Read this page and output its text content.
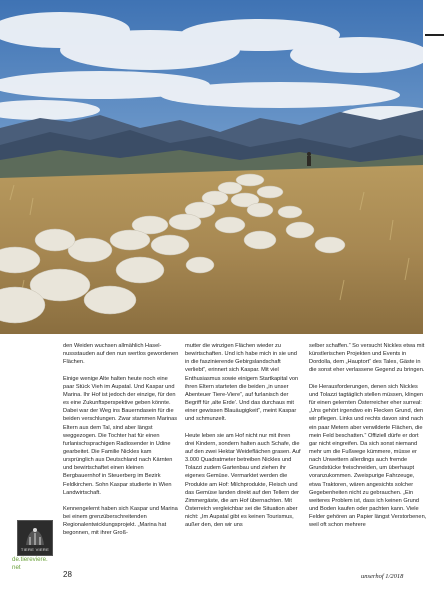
den Weiden wuchsen allmählich Haselnussstauden auf den nun wertlos gewordenen Flächen.

Einige wenige Alte halten heute noch eine paar Stück Vieh im Aupatal. Und Kaspar und Marina. Ihr Hof ist jedoch der einzige, für den es eine Zukunftsperspektive geben könnte. Dabei war der Weg ins Bauerndasein für die beiden verschlungen. Zwar stammen Marinas Eltern aus dem Tal, sind aber längst weggezogen. Die Tochter hat für einen furlanischsprachigen Radiosender in Udine gearbeitet. Die Familie Nickles kam ursprünglich aus Deutschland nach Kärnten und bewirtschaftet einen kleinen Bergbauernhof in Steuerberg im Bezirk Feldkirchen. Sohn Kaspar studierte in Wien Landwirtschaft.

Kennengelernt haben sich Kaspar und Marina bei einem grenzüberschreitenden Regionalentwicklungsprojekt. „Marina hat begonnen, mit ihrer Groß-

mutter die winzigen Flächen wieder zu bewirtschaften. Und ich habe mich in sie und in die faszinierende Gebirgslandschaft verliebt“, erinnert sich Kaspar. Mit viel Enthusiasmus sowie einigem Startkapital von ihren Eltern starteten die beiden „in unser Abenteuer Tiere-Viere“, auf furlanisch der Begriff für ‚alte Erde‘. Und das durchaus mit einer gewissen Blauäugigkeit“, meint Kaspar und schmunzelt.

Heute leben sie am Hof nicht nur mit ihren drei Kindern, sondern halten auch Schafe, die auf den zwei Hektar Weideflächen grasen. Auf 3.000 Quadratmeter betreiben Nickles und Tolazzi zudem Gartenbau und ziehen ihr eigenes Gemüse. Vermarktet werden die Produkte am Hof: Milchprodukte, Fleisch und das Gemüse landen direkt auf den Tellern der Zimmergäste, die am Hof übernachten. Mit Österreich vergleichbar sei die Situation aber nicht: „Im Aupatal gibt es keinen Tourismus, außer den, den wir uns

selber schaffen.“ So versucht Nickles etwa mit künstlerischen Projekten und Events in Dordolla, dem „Hauptort“ des Tales, Gäste in die sonst eher verlassene Gegend zu bringen.

Die Herausforderungen, denen sich Nickles und Tolazzi tagtäglich stellen müssen, klingen für einen gelernten Österreicher eher surreal: „Uns gehört irgendwo ein Flecken Grund, den wir pflegen. Links und rechts davon sind nach ein paar Metern aber verwilderte Flächen, die mein Feld beschatten.“ Offiziell dürfe er dort gar nicht eingreifen. Da sich sonst niemand mehr um die Fußwege kümmere, müsse er nach Unwettern allerdings auch fremde Grundstücke freischneiden, um überhaupt voranzukommen. Zweispurige Fahrzeuge, etwa Traktoren, wären angesichts solcher Gegebenheiten nicht zu gebrauchen. „Ein weiteres Problem ist, dass ich keinen Grund und Boden kaufen oder pachten kann. Viele Felder gehören an Papier längst Verstorbenen, weil oft schon mehrere

TIERE VIERE
de.tiereviere.
net
28	unserhof 1/2018
